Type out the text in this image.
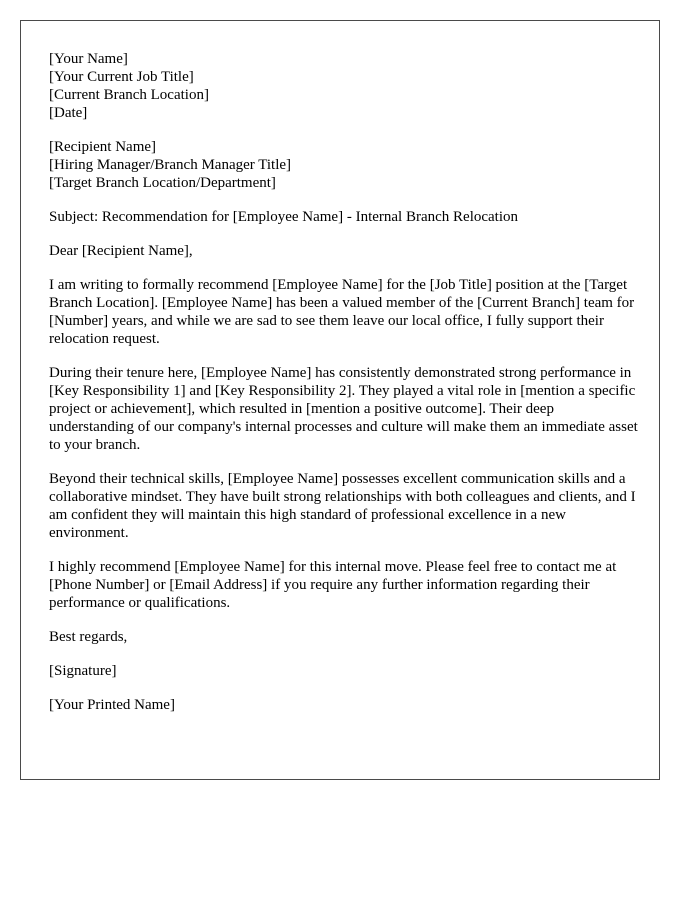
[Your Name]
[Your Current Job Title]
[Current Branch Location]
[Date]
[Recipient Name]
[Hiring Manager/Branch Manager Title]
[Target Branch Location/Department]

Subject: Recommendation for [Employee Name] - Internal Branch Relocation

Dear [Recipient Name],

I am writing to formally recommend [Employee Name] for the [Job Title] position at the [Target Branch Location]. [Employee Name] has been a valued member of the [Current Branch] team for [Number] years, and while we are sad to see them leave our local office, I fully support their relocation request.

During their tenure here, [Employee Name] has consistently demonstrated strong performance in [Key Responsibility 1] and [Key Responsibility 2]. They played a vital role in [mention a specific project or achievement], which resulted in [mention a positive outcome]. Their deep understanding of our company's internal processes and culture will make them an immediate asset to your branch.

Beyond their technical skills, [Employee Name] possesses excellent communication skills and a collaborative mindset. They have built strong relationships with both colleagues and clients, and I am confident they will maintain this high standard of professional excellence in a new environment.

I highly recommend [Employee Name] for this internal move. Please feel free to contact me at [Phone Number] or [Email Address] if you require any further information regarding their performance or qualifications.

Best regards,

[Signature]

[Your Printed Name]
